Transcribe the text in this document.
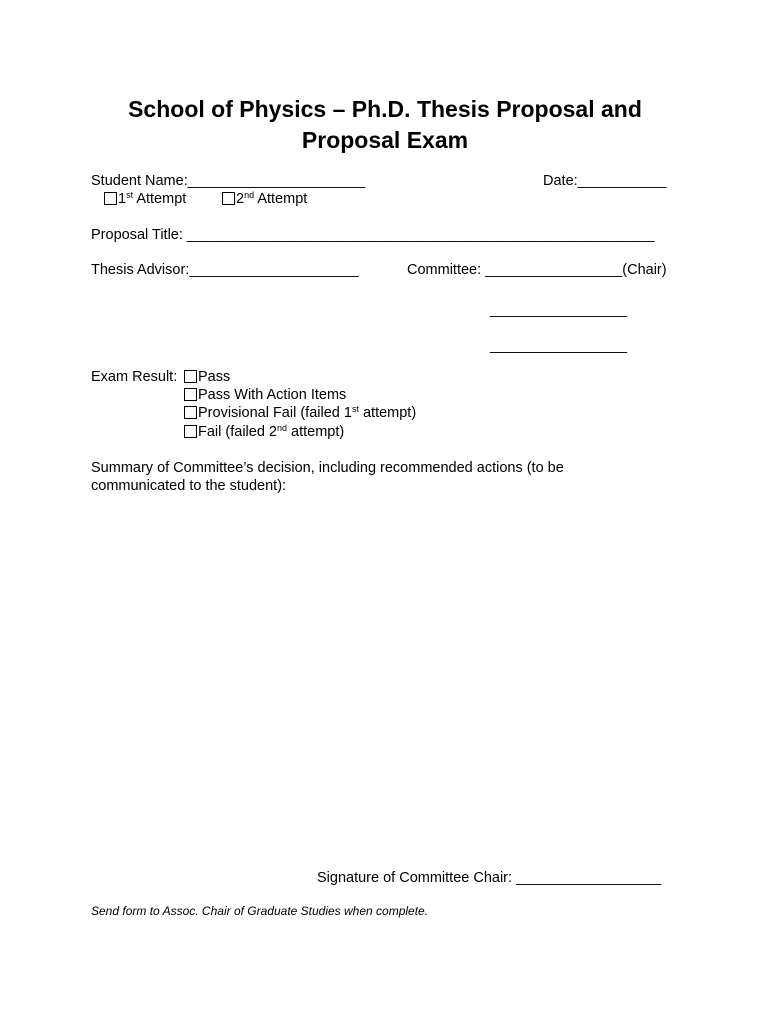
School of Physics – Ph.D. Thesis Proposal and
Proposal Exam
Student Name:______________________	Date:___________
1st Attempt	2nd Attempt
Proposal Title: __________________________________________________________
Thesis Advisor:_____________________	Committee: _________________(Chair)
_________________
_________________
Exam Result:	Pass
Pass With Action Items
Provisional Fail (failed 1st attempt)
Fail (failed 2nd attempt)
Summary of Committee’s decision, including recommended actions (to be
communicated to the student):
Signature of Committee Chair: __________________
Send form to Assoc. Chair of Graduate Studies when complete.
